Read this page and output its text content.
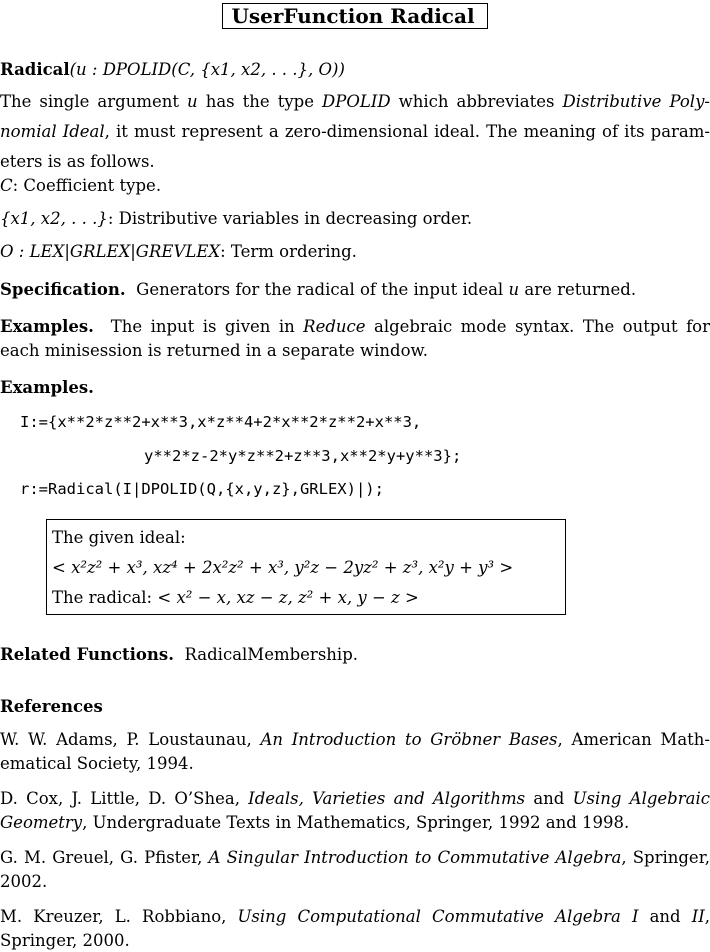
UserFunction Radical
Radical(u : DPOLID(C, {x1, x2, . . .}, O))
The single argument u has the type DPOLID which abbreviates Distributive Poly-
nomial Ideal, it must represent a zero-dimensional ideal. The meaning of its param-
eters is as follows.
C: Coefficient type.
{x1, x2, . . .}: Distributive variables in decreasing order.
O : LEX|GRLEX|GREVLEX: Term ordering.
Specification. Generators for the radical of the input ideal u are returned.
Examples. The input is given in Reduce algebraic mode syntax. The output for
each minisession is returned in a separate window.
Examples.
I:={x**2*z**2+x**3,x*z**4+2*x**2*z**2+x**3,
y**2*z-2*y*z**2+z**3,x**2*y+y**3};
r:=Radical(I|DPOLID(Q,{x,y,z},GRLEX)|);
The given ideal:
< x²z² + x³, xz⁴ + 2x²z² + x³, y²z − 2yz² + z³, x²y + y³ >
The radical: < x² − x, xz − z, z² + x, y − z >
Related Functions. RadicalMembership.
References
W. W. Adams, P. Loustaunau, An Introduction to Gröbner Bases, American Math-
ematical Society, 1994.
D. Cox, J. Little, D. O’Shea, Ideals, Varieties and Algorithms and Using Algebraic
Geometry, Undergraduate Texts in Mathematics, Springer, 1992 and 1998.
G. M. Greuel, G. Pfister, A Singular Introduction to Commutative Algebra, Springer,
2002.
M. Kreuzer, L. Robbiano, Using Computational Commutative Algebra I and II,
Springer, 2000.
